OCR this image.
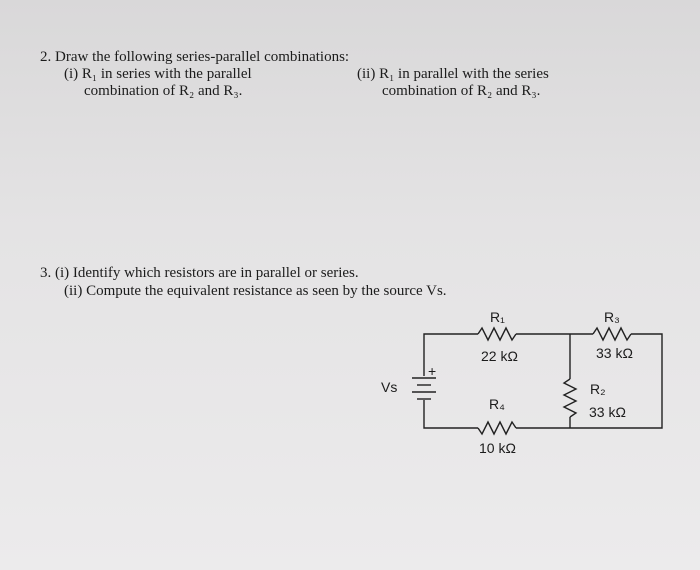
2. Draw the following series-parallel combinations:
(i) R₁ in series with the parallel
combination of R₂ and R₃.
(ii) R₁ in parallel with the series
combination of R₂ and R₃.
3. (i) Identify which resistors are in parallel or series.
(ii) Compute the equivalent resistance as seen by the source Vs.
+
Vs
R₁
22 kΩ
R₃
33 kΩ
R₂
33 kΩ
R₄
10 kΩ
